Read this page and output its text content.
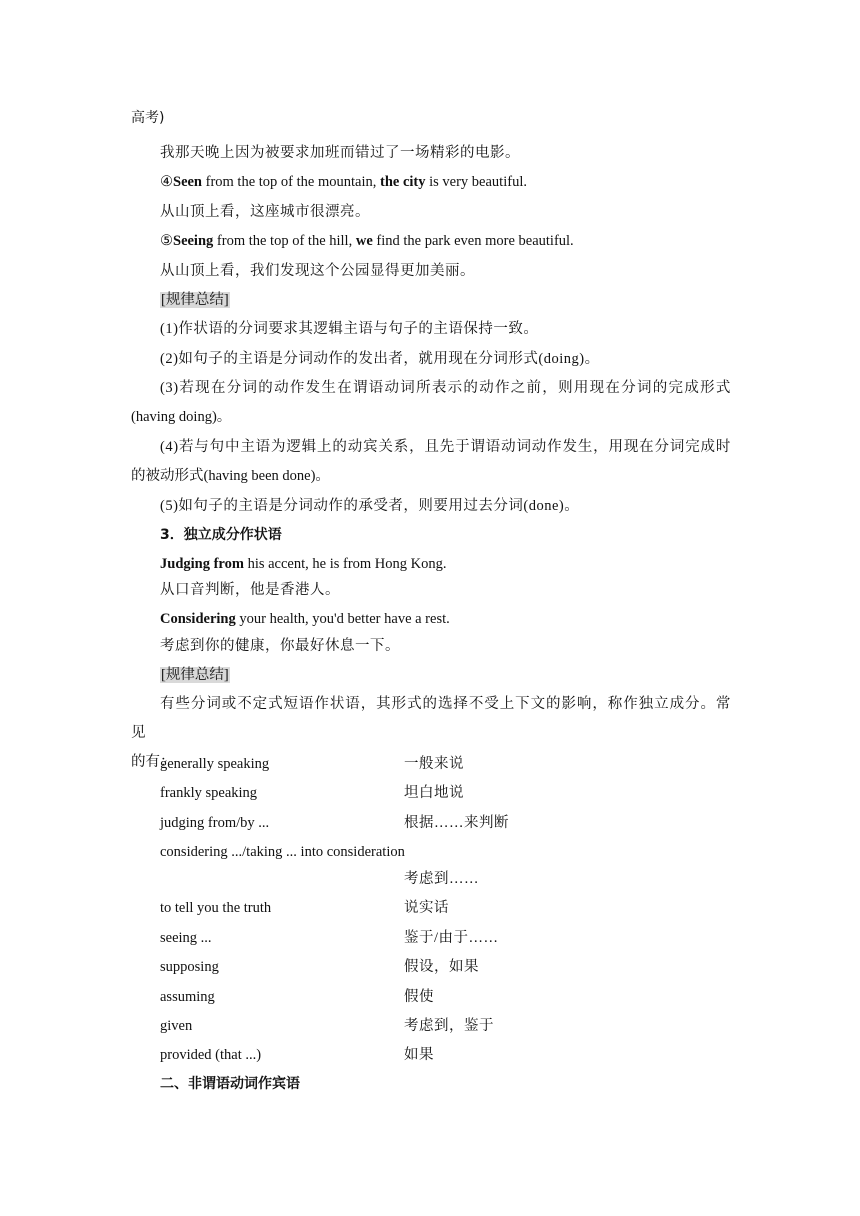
高考)
我那天晚上因为被要求加班而错过了一场精彩的电影。
④Seen from the top of the mountain, the city is very beautiful.
从山顶上看，这座城市很漂亮。
⑤Seeing from the top of the hill, we find the park even more beautiful.
从山顶上看，我们发现这个公园显得更加美丽。
[规律总结]
(1)作状语的分词要求其逻辑主语与句子的主语保持一致。
(2)如句子的主语是分词动作的发出者，就用现在分词形式(doing)。
(3)若现在分词的动作发生在谓语动词所表示的动作之前，则用现在分词的完成形式
(having doing)。
(4)若与句中主语为逻辑上的动宾关系，且先于谓语动词动作发生，用现在分词完成时
的被动形式(having been done)。
(5)如句子的主语是分词动作的承受者，则要用过去分词(done)。
3．独立成分作状语
Judging from his accent, he is from Hong Kong.
从口音判断，他是香港人。
Considering your health, you'd better have a rest.
考虑到你的健康，你最好休息一下。
[规律总结]
有些分词或不定式短语作状语，其形式的选择不受上下文的影响，称作独立成分。常见
的有：
generally speaking	一般来说
frankly speaking	坦白地说
judging from/by ...	根据……来判断
considering .../taking ... into consideration
考虑到……
to tell you the truth	说实话
seeing ...	鉴于/由于……
supposing	假设，如果
assuming	假使
given	考虑到，鉴于
provided (that ...)	如果
二、非谓语动词作宾语
